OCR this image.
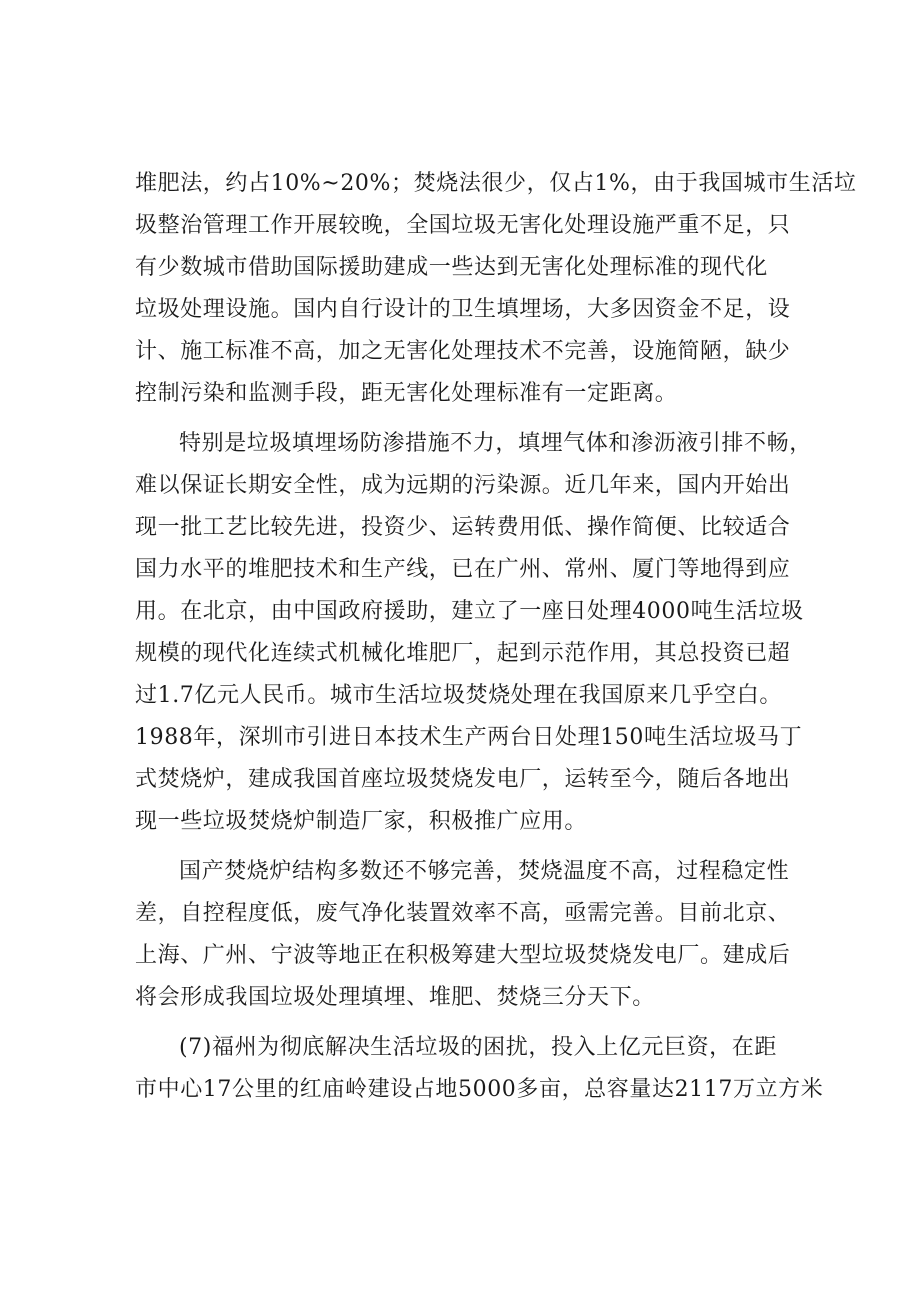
堆肥法，约占10%~20%；焚烧法很少，仅占1%，由于我国城市生活垃
圾整治管理工作开展较晚，全国垃圾无害化处理设施严重不足，只
有少数城市借助国际援助建成一些达到无害化处理标准的现代化
垃圾处理设施。国内自行设计的卫生填埋场，大多因资金不足，设
计、施工标准不高，加之无害化处理技术不完善，设施简陋，缺少
控制污染和监测手段，距无害化处理标准有一定距离。

特别是垃圾填埋场防渗措施不力，填埋气体和渗沥液引排不畅，
难以保证长期安全性，成为远期的污染源。近几年来，国内开始出
现一批工艺比较先进，投资少、运转费用低、操作简便、比较适合
国力水平的堆肥技术和生产线，已在广州、常州、厦门等地得到应
用。在北京，由中国政府援助，建立了一座日处理4000吨生活垃圾
规模的现代化连续式机械化堆肥厂，起到示范作用，其总投资已超
过1.7亿元人民币。城市生活垃圾焚烧处理在我国原来几乎空白。
1988年，深圳市引进日本技术生产两台日处理150吨生活垃圾马丁
式焚烧炉，建成我国首座垃圾焚烧发电厂，运转至今，随后各地出
现一些垃圾焚烧炉制造厂家，积极推广应用。

国产焚烧炉结构多数还不够完善，焚烧温度不高，过程稳定性
差，自控程度低，废气净化装置效率不高，亟需完善。目前北京、
上海、广州、宁波等地正在积极筹建大型垃圾焚烧发电厂。建成后
将会形成我国垃圾处理填埋、堆肥、焚烧三分天下。

(7)福州为彻底解决生活垃圾的困扰，投入上亿元巨资，在距
市中心17公里的红庙岭建设占地5000多亩，总容量达2117万立方米
